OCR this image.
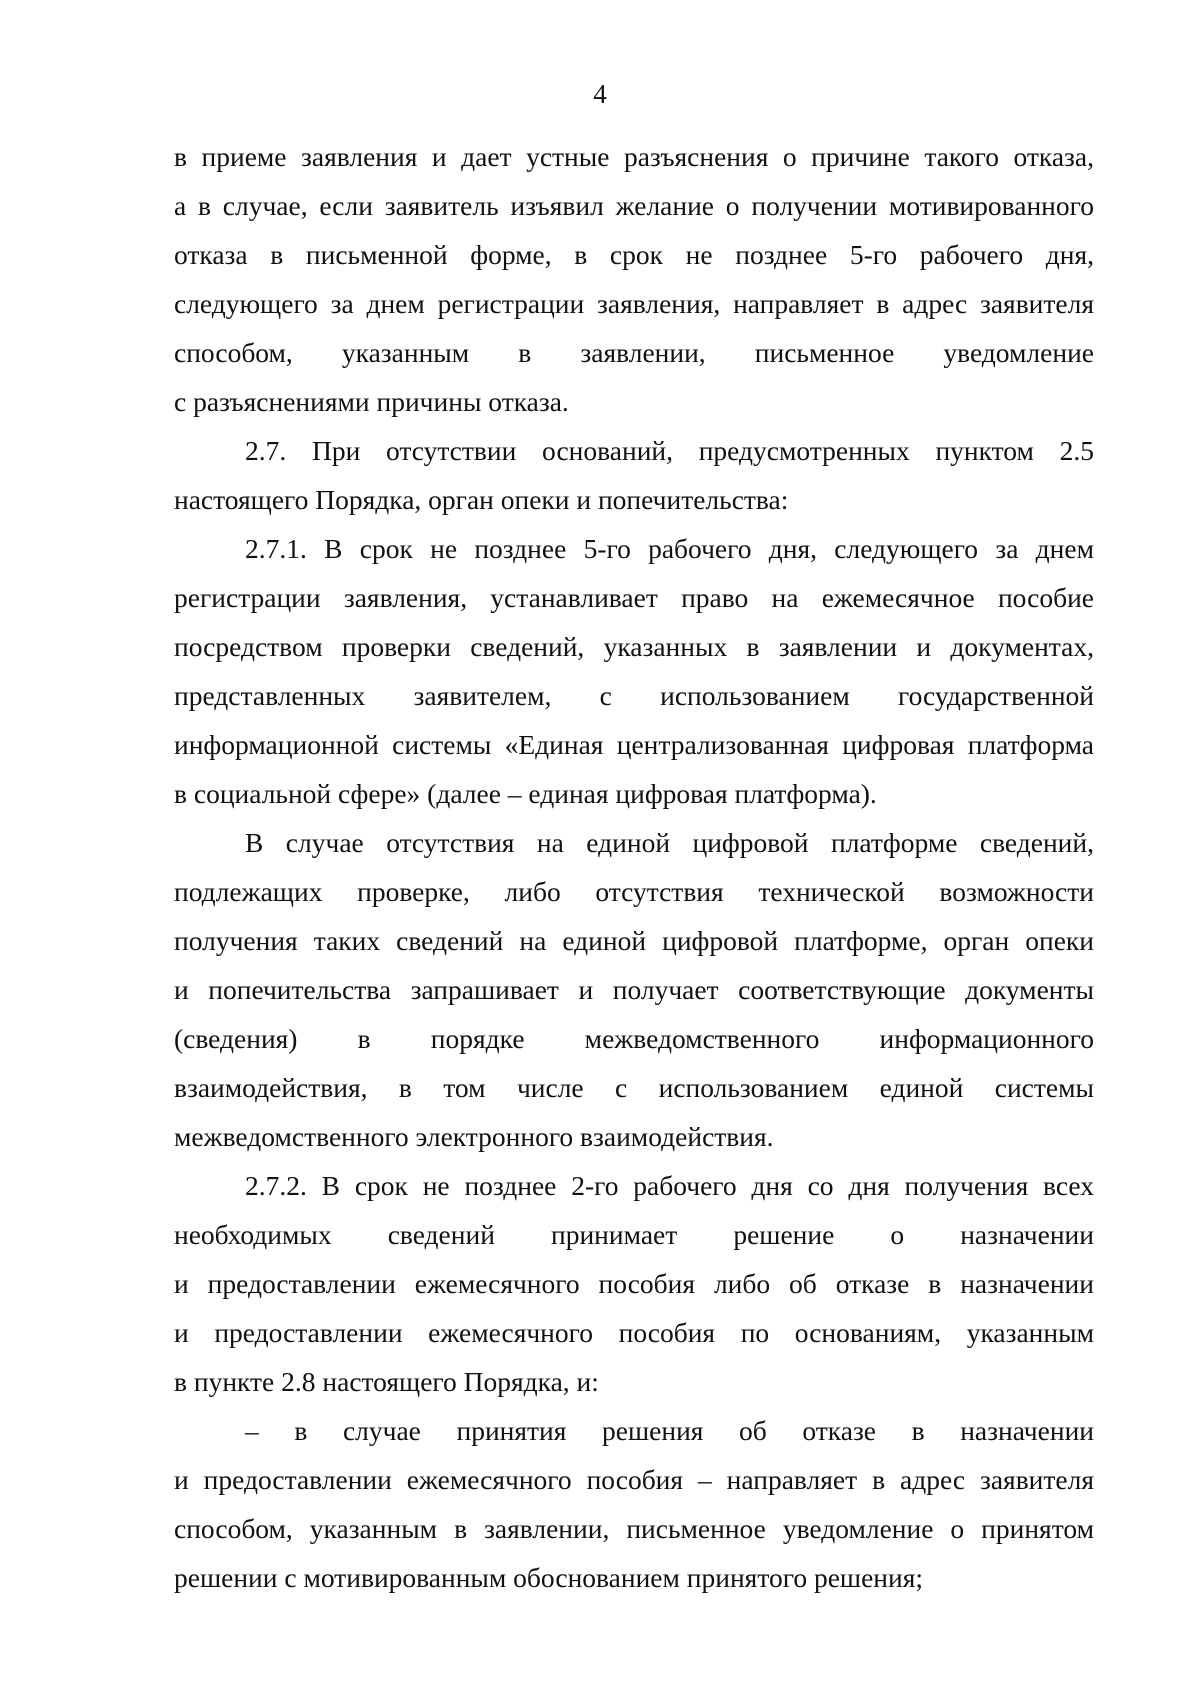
4
в приеме заявления и дает устные разъяснения о причине такого отказа,
а в случае, если заявитель изъявил желание о получении мотивированного
отказа в письменной форме, в срок не позднее 5-го рабочего дня,
следующего за днем регистрации заявления, направляет в адрес заявителя
способом, указанным в заявлении, письменное уведомление
с разъяснениями причины отказа.
2.7. При отсутствии оснований, предусмотренных пунктом 2.5
настоящего Порядка, орган опеки и попечительства:
2.7.1. В срок не позднее 5-го рабочего дня, следующего за днем
регистрации заявления, устанавливает право на ежемесячное пособие
посредством проверки сведений, указанных в заявлении и документах,
представленных заявителем, с использованием государственной
информационной системы «Единая централизованная цифровая платформа
в социальной сфере» (далее – единая цифровая платформа).
В случае отсутствия на единой цифровой платформе сведений,
подлежащих проверке, либо отсутствия технической возможности
получения таких сведений на единой цифровой платформе, орган опеки
и попечительства запрашивает и получает соответствующие документы
(сведения) в порядке межведомственного информационного
взаимодействия, в том числе с использованием единой системы
межведомственного электронного взаимодействия.
2.7.2. В срок не позднее 2-го рабочего дня со дня получения всех
необходимых сведений принимает решение о назначении
и предоставлении ежемесячного пособия либо об отказе в назначении
и предоставлении ежемесячного пособия по основаниям, указанным
в пункте 2.8 настоящего Порядка, и:
– в случае принятия решения об отказе в назначении
и предоставлении ежемесячного пособия – направляет в адрес заявителя
способом, указанным в заявлении, письменное уведомление о принятом
решении с мотивированным обоснованием принятого решения;
